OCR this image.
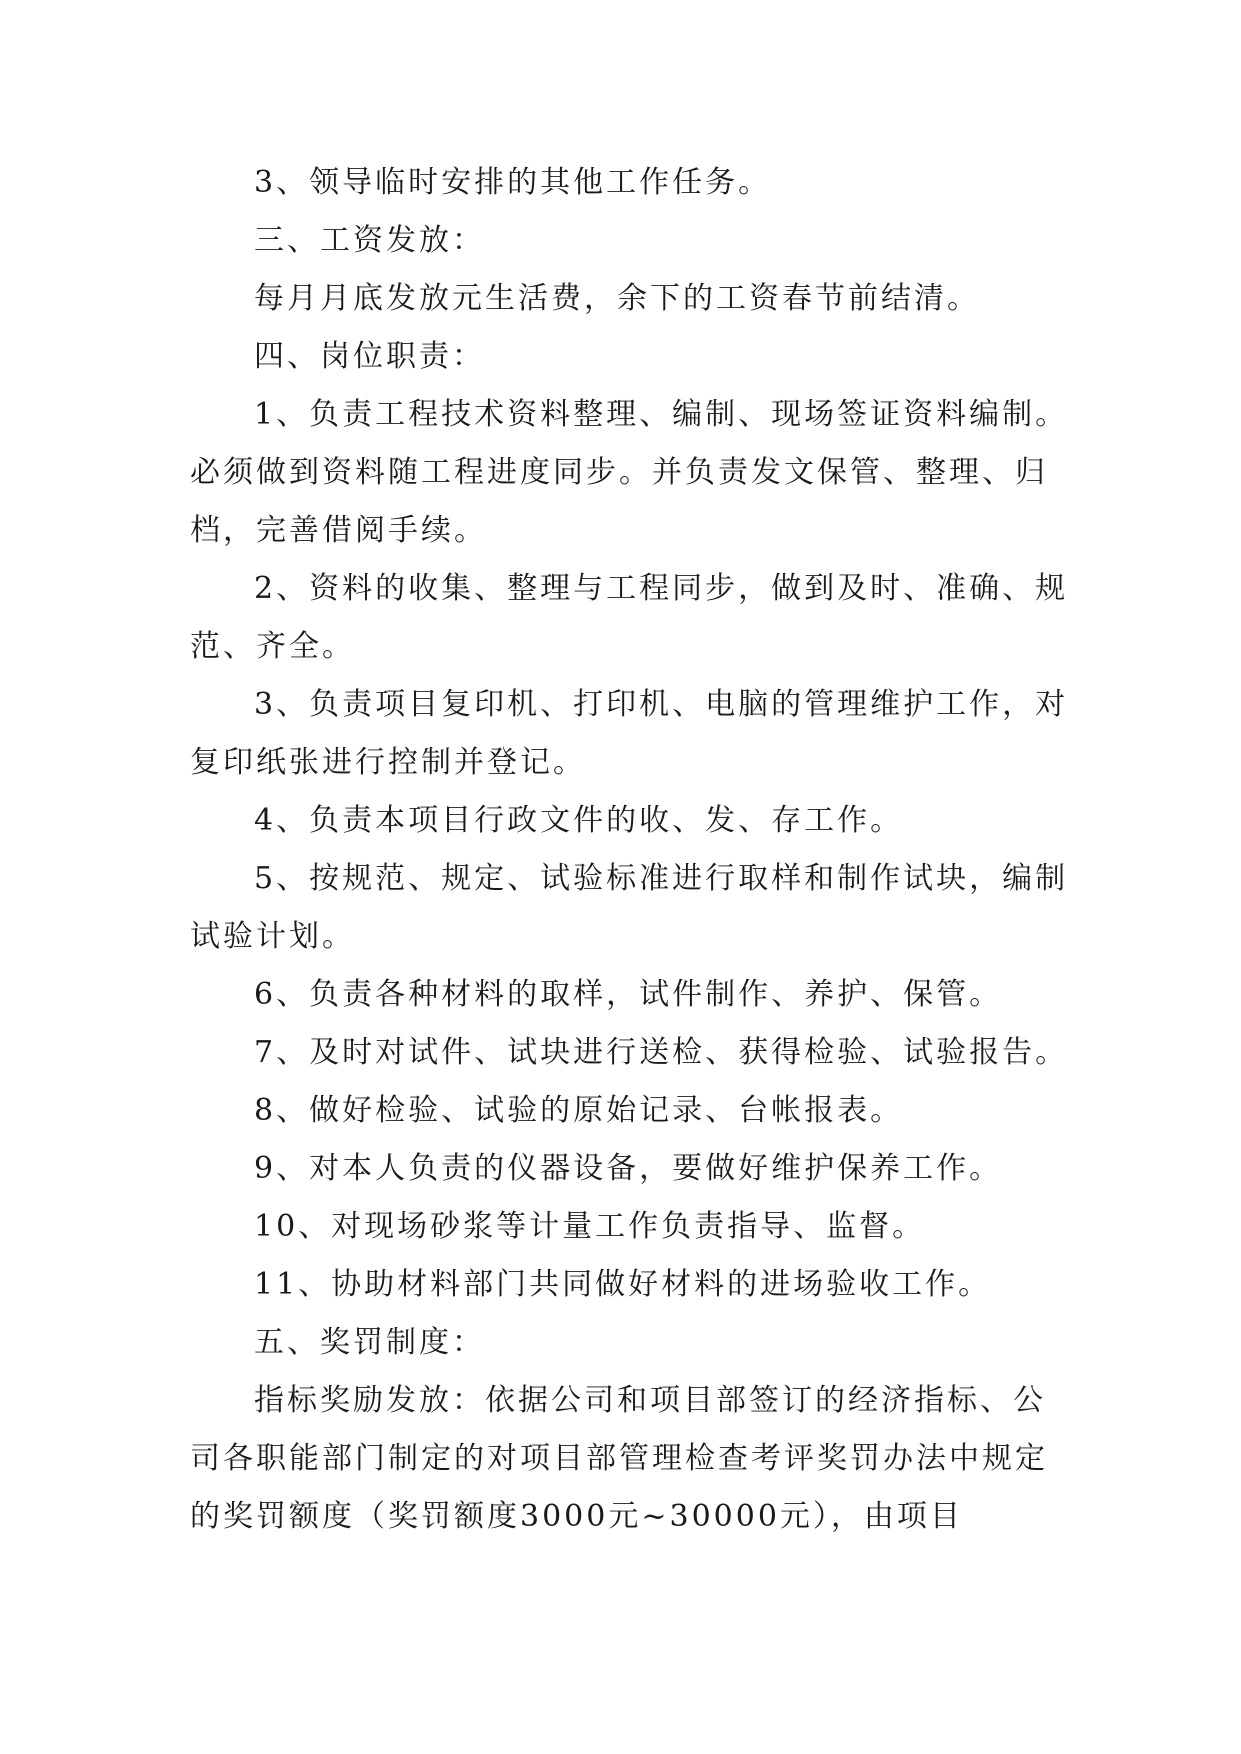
3、领导临时安排的其他工作任务。

三、工资发放：

每月月底发放元生活费，余下的工资春节前结清。

四、岗位职责：

1、负责工程技术资料整理、编制、现场签证资料编制。必须做到资料随工程进度同步。并负责发文保管、整理、归档，完善借阅手续。

2、资料的收集、整理与工程同步，做到及时、准确、规范、齐全。

3、负责项目复印机、打印机、电脑的管理维护工作，对复印纸张进行控制并登记。

4、负责本项目行政文件的收、发、存工作。

5、按规范、规定、试验标准进行取样和制作试块，编制试验计划。

6、负责各种材料的取样，试件制作、养护、保管。

7、及时对试件、试块进行送检、获得检验、试验报告。

8、做好检验、试验的原始记录、台帐报表。

9、对本人负责的仪器设备，要做好维护保养工作。

10、对现场砂浆等计量工作负责指导、监督。

11、协助材料部门共同做好材料的进场验收工作。

五、奖罚制度：

指标奖励发放：依据公司和项目部签订的经济指标、公司各职能部门制定的对项目部管理检查考评奖罚办法中规定的奖罚额度（奖罚额度3000元~30000元），由项目
